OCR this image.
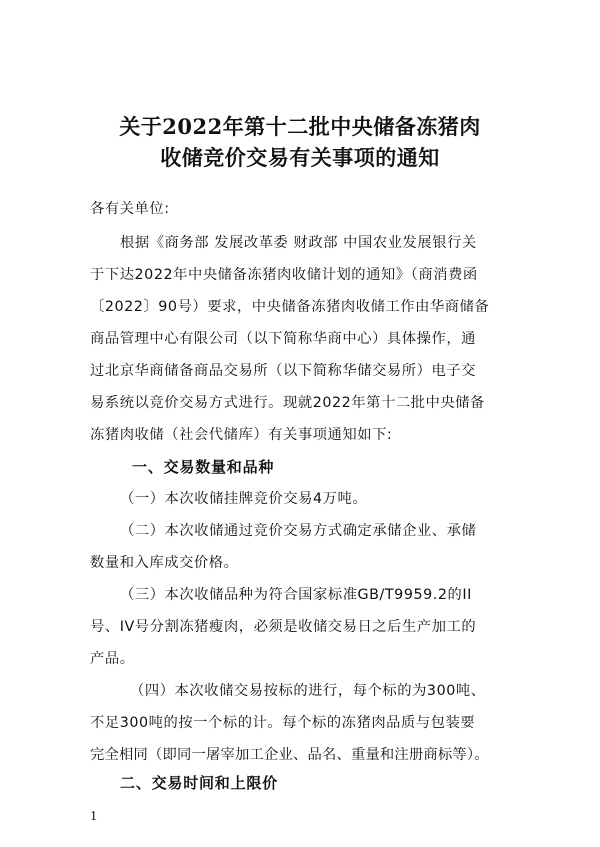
关于2022年第十二批中央储备冻猪肉
收储竞价交易有关事项的通知
各有关单位:
根据《商务部 发展改革委 财政部 中国农业发展银行关
于下达2022年中央储备冻猪肉收储计划的通知》（商消费函
〔2022〕90号）要求，中央储备冻猪肉收储工作由华商储备
商品管理中心有限公司（以下简称华商中心）具体操作，通
过北京华商储备商品交易所（以下简称华储交易所）电子交
易系统以竞价交易方式进行。现就2022年第十二批中央储备
冻猪肉收储（社会代储库）有关事项通知如下:
一、交易数量和品种
（一）本次收储挂牌竞价交易4万吨。
（二）本次收储通过竞价交易方式确定承储企业、承储
数量和入库成交价格。
（三）本次收储品种为符合国家标准GB/T9959.2的II
号、IV号分割冻猪瘦肉，必须是收储交易日之后生产加工的
产品。
（四）本次收储交易按标的进行，每个标的为300吨、
不足300吨的按一个标的计。每个标的冻猪肉品质与包装要
完全相同（即同一屠宰加工企业、品名、重量和注册商标等）。
二、交易时间和上限价
1
